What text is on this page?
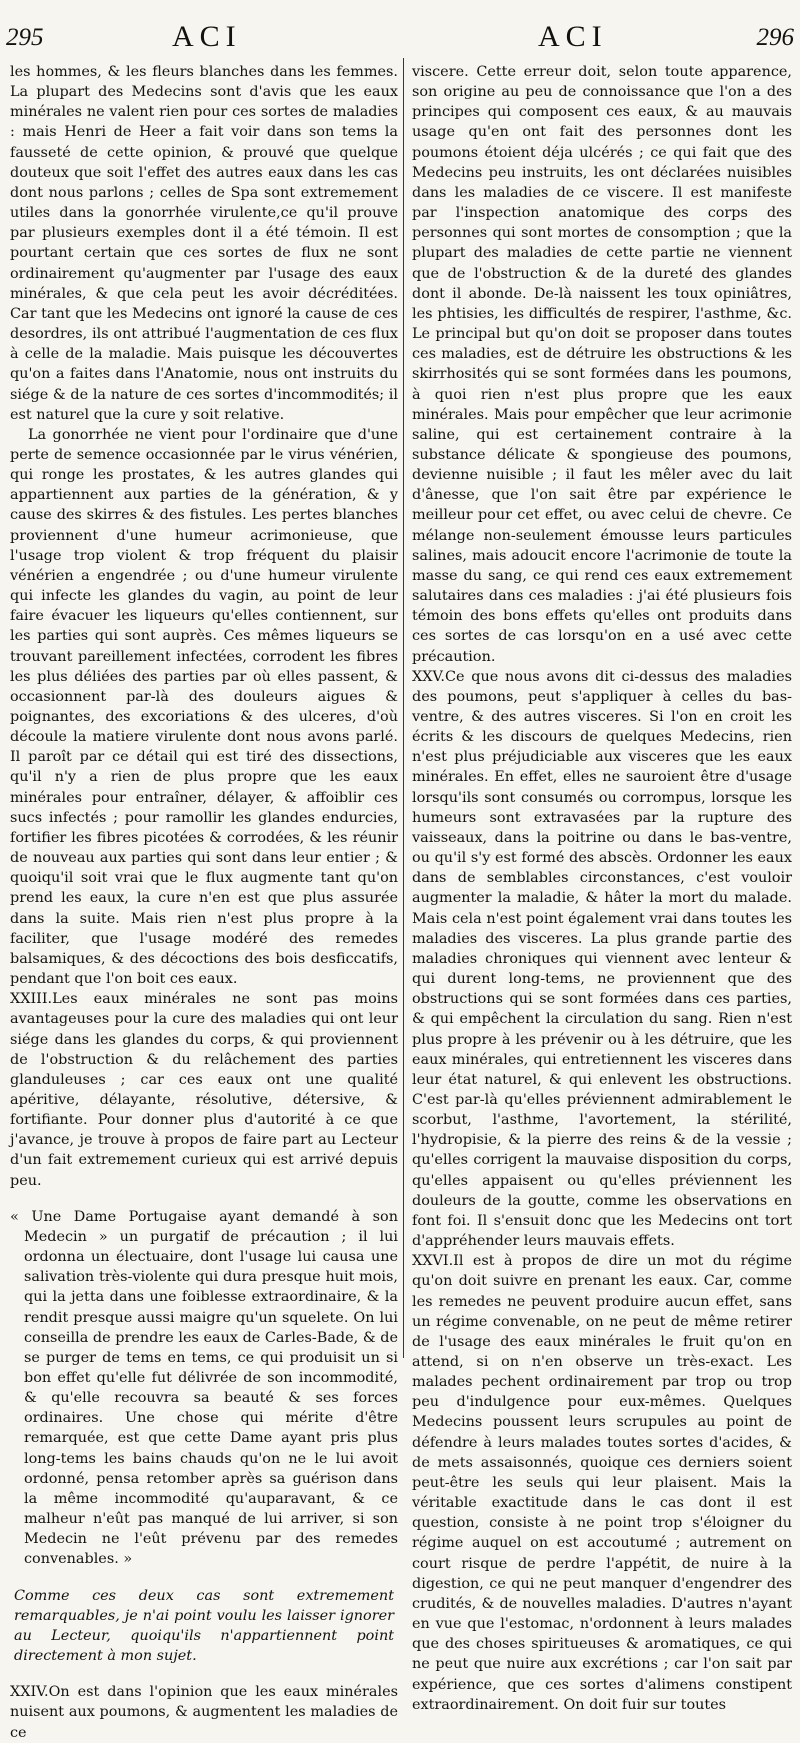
295	ACI	ACI	296

les hommes, & les fleurs blanches dans les femmes. La plupart des Medecins sont d'avis que les eaux minérales ne valent rien pour ces sortes de maladies : mais Henri de Heer a fait voir dans son tems la fausseté de cette opinion, & prouvé que quelque douteux que soit l'effet des autres eaux dans les cas dont nous parlons ; celles de Spa sont extremement utiles dans la gonorrhée virulente,ce qu'il prouve par plusieurs exemples dont il a été témoin. Il est pourtant certain que ces sortes de flux ne sont ordinairement qu'augmenter par l'usage des eaux minérales, & que cela peut les avoir décréditées. Car tant que les Medecins ont ignoré la cause de ces desordres, ils ont attribué l'augmentation de ces flux à celle de la maladie. Mais puisque les découvertes qu'on a faites dans l'Anatomie, nous ont instruits du siége & de la nature de ces sortes d'incommodités; il est naturel que la cure y soit relative.

La gonorrhée ne vient pour l'ordinaire que d'une perte de semence occasionnée par le virus vénérien, qui ronge les prostates, & les autres glandes qui appartiennent aux parties de la génération, & y cause des skirres & des fistules. Les pertes blanches proviennent d'une humeur acrimonieuse, que l'usage trop violent & trop fréquent du plaisir vénérien a engendrée ; ou d'une humeur virulente qui infecte les glandes du vagin, au point de leur faire évacuer les liqueurs qu'elles contiennent, sur les parties qui sont auprès. Ces mêmes liqueurs se trouvant pareillement infectées, corrodent les fibres les plus déliées des parties par où elles passent, & occasionnent par-là des douleurs aigues & poignantes, des excoriations & des ulceres, d'où découle la matiere virulente dont nous avons parlé. Il paroît par ce détail qui est tiré des dissections, qu'il n'y a rien de plus propre que les eaux minérales pour entraîner, délayer, & affoiblir ces sucs infectés ; pour ramollir les glandes endurcies, fortifier les fibres picotées & corrodées, & les réunir de nouveau aux parties qui sont dans leur entier ; & quoiqu'il soit vrai que le flux augmente tant qu'on prend les eaux, la cure n'en est que plus assurée dans la suite. Mais rien n'est plus propre à la faciliter, que l'usage modéré des remedes balsamiques, & des décoctions des bois desficcatifs, pendant que l'on boit ces eaux.

XXIII.Les eaux minérales ne sont pas moins avantageuses pour la cure des maladies qui ont leur siége dans les glandes du corps, & qui proviennent de l'obstruction & du relâchement des parties glanduleuses ; car ces eaux ont une qualité apéritive, délayante, résolutive, détersive, & fortifiante. Pour donner plus d'autorité à ce que j'avance, je trouve à propos de faire part au Lecteur d'un fait extremement curieux qui est arrivé depuis peu.

« Une Dame Portugaise ayant demandé à son Medecin » un purgatif de précaution ; il lui ordonna un électuaire, dont l'usage lui causa une salivation très-violente qui dura presque huit mois, qui la jetta dans une foiblesse extraordinaire, & la rendit presque aussi maigre qu'un squelete. On lui conseilla de prendre les eaux de Carles-Bade, & de se purger de tems en tems, ce qui produisit un si bon effet qu'elle fut délivrée de son incommodité, & qu'elle recouvra sa beauté & ses forces ordinaires. Une chose qui mérite d'être remarquée, est que cette Dame ayant pris plus long-tems les bains chauds qu'on ne le lui avoit ordonné, pensa retomber après sa guérison dans la même incommodité qu'auparavant, & ce malheur n'eût pas manqué de lui arriver, si son Medecin ne l'eût prévenu par des remedes convenables. »

Comme ces deux cas sont extremement remarquables, je n'ai point voulu les laisser ignorer au Lecteur, quoiqu'ils n'appartiennent point directement à mon sujet.

XXIV.On est dans l'opinion que les eaux minérales nuisent aux poumons, & augmentent les maladies de ce

viscere. Cette erreur doit, selon toute apparence, son origine au peu de connoissance que l'on a des principes qui composent ces eaux, & au mauvais usage qu'en ont fait des personnes dont les poumons étoient déja ulcérés ; ce qui fait que des Medecins peu instruits, les ont déclarées nuisibles dans les maladies de ce viscere. Il est manifeste par l'inspection anatomique des corps des personnes qui sont mortes de consomption ; que la plupart des maladies de cette partie ne viennent que de l'obstruction & de la dureté des glandes dont il abonde. De-là naissent les toux opiniâtres, les phtisies, les difficultés de respirer, l'asthme, &c. Le principal but qu'on doit se proposer dans toutes ces maladies, est de détruire les obstructions & les skirrhosités qui se sont formées dans les poumons, à quoi rien n'est plus propre que les eaux minérales. Mais pour empêcher que leur acrimonie saline, qui est certainement contraire à la substance délicate & spongieuse des poumons, devienne nuisible ; il faut les mêler avec du lait d'ânesse, que l'on sait être par expérience le meilleur pour cet effet, ou avec celui de chevre. Ce mélange non-seulement émousse leurs particules salines, mais adoucit encore l'acrimonie de toute la masse du sang, ce qui rend ces eaux extremement salutaires dans ces maladies : j'ai été plusieurs fois témoin des bons effets qu'elles ont produits dans ces sortes de cas lorsqu'on en a usé avec cette précaution.

XXV.Ce que nous avons dit ci-dessus des maladies des poumons, peut s'appliquer à celles du bas-ventre, & des autres visceres. Si l'on en croit les écrits & les discours de quelques Medecins, rien n'est plus préjudiciable aux visceres que les eaux minérales. En effet, elles ne sauroient être d'usage lorsqu'ils sont consumés ou corrompus, lorsque les humeurs sont extravasées par la rupture des vaisseaux, dans la poitrine ou dans le bas-ventre, ou qu'il s'y est formé des abscès. Ordonner les eaux dans de semblables circonstances, c'est vouloir augmenter la maladie, & hâter la mort du malade. Mais cela n'est point également vrai dans toutes les maladies des visceres. La plus grande partie des maladies chroniques qui viennent avec lenteur & qui durent long-tems, ne proviennent que des obstructions qui se sont formées dans ces parties, & qui empêchent la circulation du sang. Rien n'est plus propre à les prévenir ou à les détruire, que les eaux minérales, qui entretiennent les visceres dans leur état naturel, & qui enlevent les obstructions. C'est par-là qu'elles préviennent admirablement le scorbut, l'asthme, l'avortement, la stérilité, l'hydropisie, & la pierre des reins & de la vessie ; qu'elles corrigent la mauvaise disposition du corps, qu'elles appaisent ou qu'elles préviennent les douleurs de la goutte, comme les observations en font foi. Il s'ensuit donc que les Medecins ont tort d'appréhender leurs mauvais effets.

XXVI.Il est à propos de dire un mot du régime qu'on doit suivre en prenant les eaux. Car, comme les remedes ne peuvent produire aucun effet, sans un régime convenable, on ne peut de même retirer de l'usage des eaux minérales le fruit qu'on en attend, si on n'en observe un très-exact. Les malades pechent ordinairement par trop ou trop peu d'indulgence pour eux-mêmes. Quelques Medecins poussent leurs scrupules au point de défendre à leurs malades toutes sortes d'acides, & de mets assaisonnés, quoique ces derniers soient peut-être les seuls qui leur plaisent. Mais la véritable exactitude dans le cas dont il est question, consiste à ne point trop s'éloigner du régime auquel on est accoutumé ; autrement on court risque de perdre l'appétit, de nuire à la digestion, ce qui ne peut manquer d'engendrer des crudités, & de nouvelles maladies. D'autres n'ayant en vue que l'estomac, n'ordonnent à leurs malades que des choses spiritueuses & aromatiques, ce qui ne peut que nuire aux excrétions ; car l'on sait par expérience, que ces sortes d'alimens constipent extraordinairement. On doit fuir sur toutes
